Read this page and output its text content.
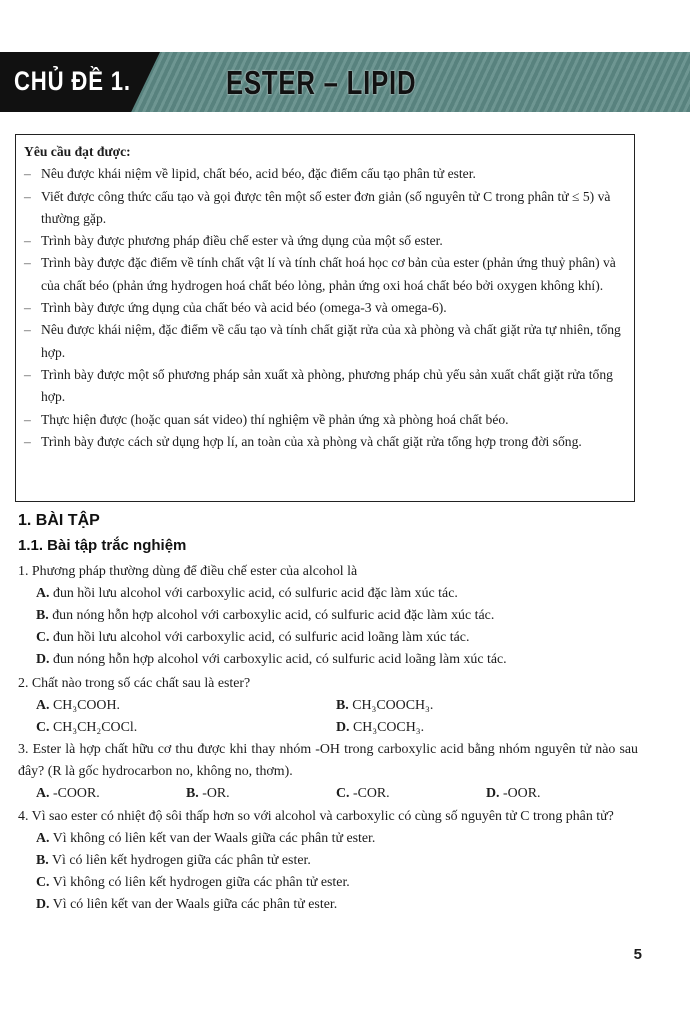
CHỦ ĐỀ 1.	ESTER – LIPID
Yêu cầu đạt được:
– Nêu được khái niệm về lipid, chất béo, acid béo, đặc điểm cấu tạo phân tử ester.
– Viết được công thức cấu tạo và gọi được tên một số ester đơn giản (số nguyên tử C trong phân tử ≤ 5) và thường gặp.
– Trình bày được phương pháp điều chế ester và ứng dụng của một số ester.
– Trình bày được đặc điểm về tính chất vật lí và tính chất hoá học cơ bản của ester (phản ứng thuỷ phân) và của chất béo (phản ứng hydrogen hoá chất béo lỏng, phản ứng oxi hoá chất béo bởi oxygen không khí).
– Trình bày được ứng dụng của chất béo và acid béo (omega-3 và omega-6).
– Nêu được khái niệm, đặc điểm về cấu tạo và tính chất giặt rửa của xà phòng và chất giặt rửa tự nhiên, tổng hợp.
– Trình bày được một số phương pháp sản xuất xà phòng, phương pháp chủ yếu sản xuất chất giặt rửa tổng hợp.
– Thực hiện được (hoặc quan sát video) thí nghiệm về phản ứng xà phòng hoá chất béo.
– Trình bày được cách sử dụng hợp lí, an toàn của xà phòng và chất giặt rửa tổng hợp trong đời sống.
1. BÀI TẬP
1.1. Bài tập trắc nghiệm
1. Phương pháp thường dùng để điều chế ester của alcohol là
A. đun hồi lưu alcohol với carboxylic acid, có sulfuric acid đặc làm xúc tác.
B. đun nóng hỗn hợp alcohol với carboxylic acid, có sulfuric acid đặc làm xúc tác.
C. đun hồi lưu alcohol với carboxylic acid, có sulfuric acid loãng làm xúc tác.
D. đun nóng hỗn hợp alcohol với carboxylic acid, có sulfuric acid loãng làm xúc tác.
2. Chất nào trong số các chất sau là ester?
A. CH₃COOH.	B. CH₃COOCH₃.
C. CH₃CH₂COCl.	D. CH₃COCH₃.
3. Ester là hợp chất hữu cơ thu được khi thay nhóm -OH trong carboxylic acid bằng nhóm nguyên tử nào sau đây? (R là gốc hydrocarbon no, không no, thơm).
A. -COOR.	B. -OR.	C. -COR.	D. -OOR.
4. Vì sao ester có nhiệt độ sôi thấp hơn so với alcohol và carboxylic có cùng số nguyên tử C trong phân tử?
A. Vì không có liên kết van der Waals giữa các phân tử ester.
B. Vì có liên kết hydrogen giữa các phân tử ester.
C. Vì không có liên kết hydrogen giữa các phân tử ester.
D. Vì có liên kết van der Waals giữa các phân tử ester.
5
